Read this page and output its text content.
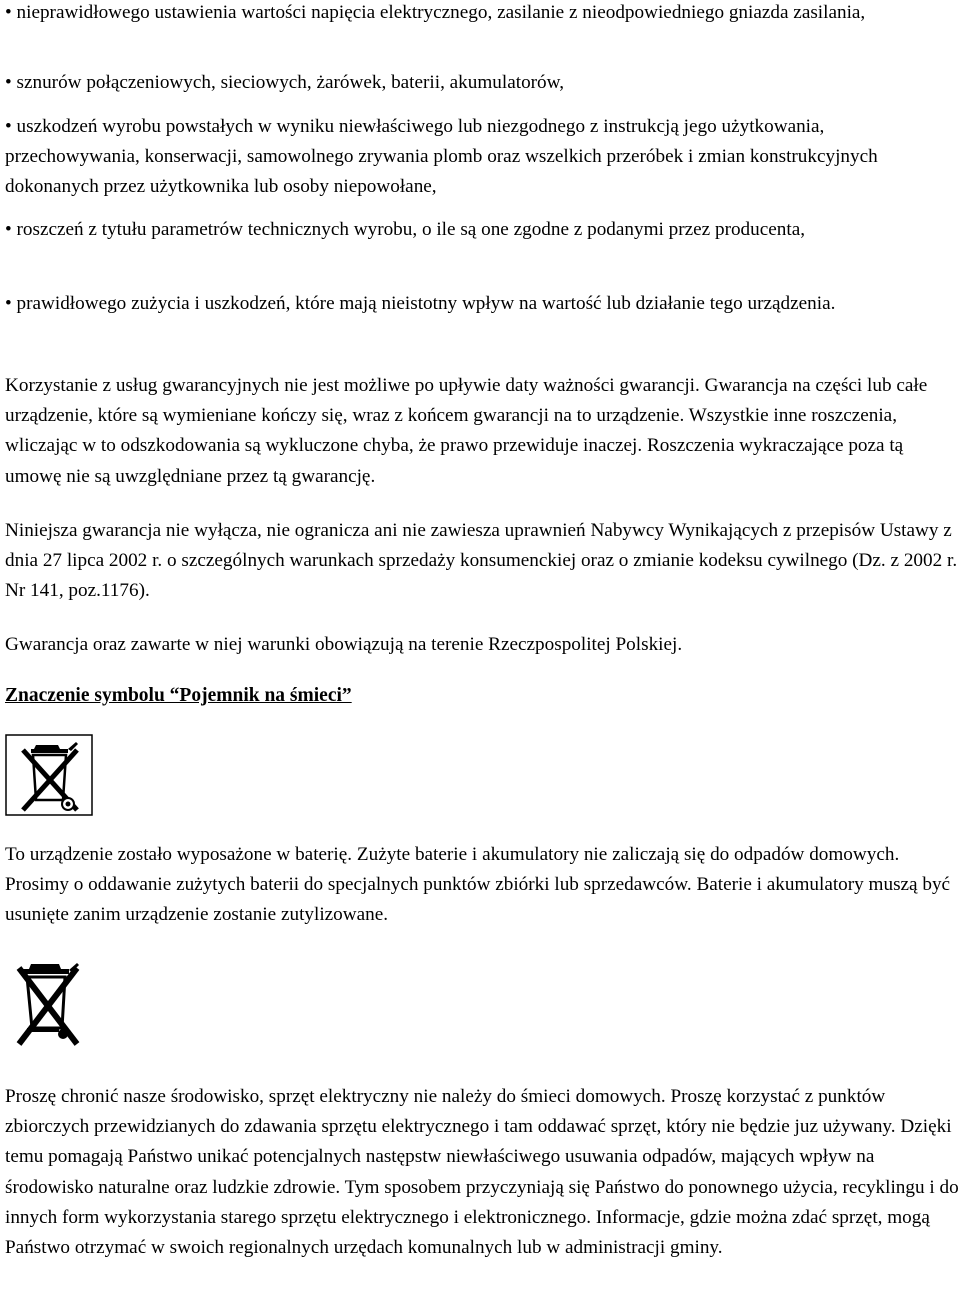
• nieprawidłowego ustawienia wartości napięcia elektrycznego, zasilanie z nieodpowiedniego gniazda zasilania,

• sznurów połączeniowych, sieciowych, żarówek, baterii, akumulatorów,

• uszkodzeń wyrobu powstałych w wyniku niewłaściwego lub niezgodnego z instrukcją jego użytkowania, przechowywania, konserwacji, samowolnego zrywania plomb oraz wszelkich przeróbek i zmian konstrukcyjnych dokonanych przez użytkownika lub osoby niepowołane,

• roszczeń z tytułu parametrów technicznych wyrobu, o ile są one zgodne z podanymi przez producenta,

• prawidłowego zużycia i uszkodzeń, które mają nieistotny wpływ na wartość lub działanie tego urządzenia.

Korzystanie z usług gwarancyjnych nie jest możliwe po upływie daty ważności gwarancji. Gwarancja na części lub całe urządzenie, które są wymieniane kończy się, wraz z końcem gwarancji na to urządzenie. Wszystkie inne roszczenia, wliczając w to odszkodowania są wykluczone chyba, że prawo przewiduje inaczej. Roszczenia wykraczające poza tą umowę nie są uwzględniane przez tą gwarancję.

Niniejsza gwarancja nie wyłącza, nie ogranicza ani nie zawiesza uprawnień Nabywcy Wynikających z przepisów Ustawy z dnia 27 lipca 2002 r. o szczególnych warunkach sprzedaży konsumenckiej oraz o zmianie kodeksu cywilnego (Dz. z 2002 r. Nr 141, poz.1176).

Gwarancja oraz zawarte w niej warunki obowiązują na terenie Rzeczpospolitej Polskiej.

Znaczenie symbolu “Pojemnik na śmieci”

To urządzenie zostało wyposażone w baterię. Zużyte baterie i akumulatory nie zaliczają się do odpadów domowych. Prosimy o oddawanie zużytych baterii do specjalnych punktów zbiórki lub sprzedawców. Baterie i akumulatory muszą być usunięte zanim urządzenie zostanie zutylizowane.

Proszę chronić nasze środowisko, sprzęt elektryczny nie należy do śmieci domowych. Proszę korzystać z punktów zbiorczych przewidzianych do zdawania sprzętu elektrycznego i tam oddawać sprzęt, który nie będzie juz używany. Dzięki temu pomagają Państwo unikać potencjalnych następstw niewłaściwego usuwania odpadów, mających wpływ na środowisko naturalne oraz ludzkie zdrowie. Tym sposobem przyczyniają się Państwo do ponownego użycia, recyklingu i do innych form wykorzystania starego sprzętu elektrycznego i elektronicznego. Informacje, gdzie można zdać sprzęt, mogą Państwo otrzymać w swoich regionalnych urzędach komunalnych lub w administracji gminy.
